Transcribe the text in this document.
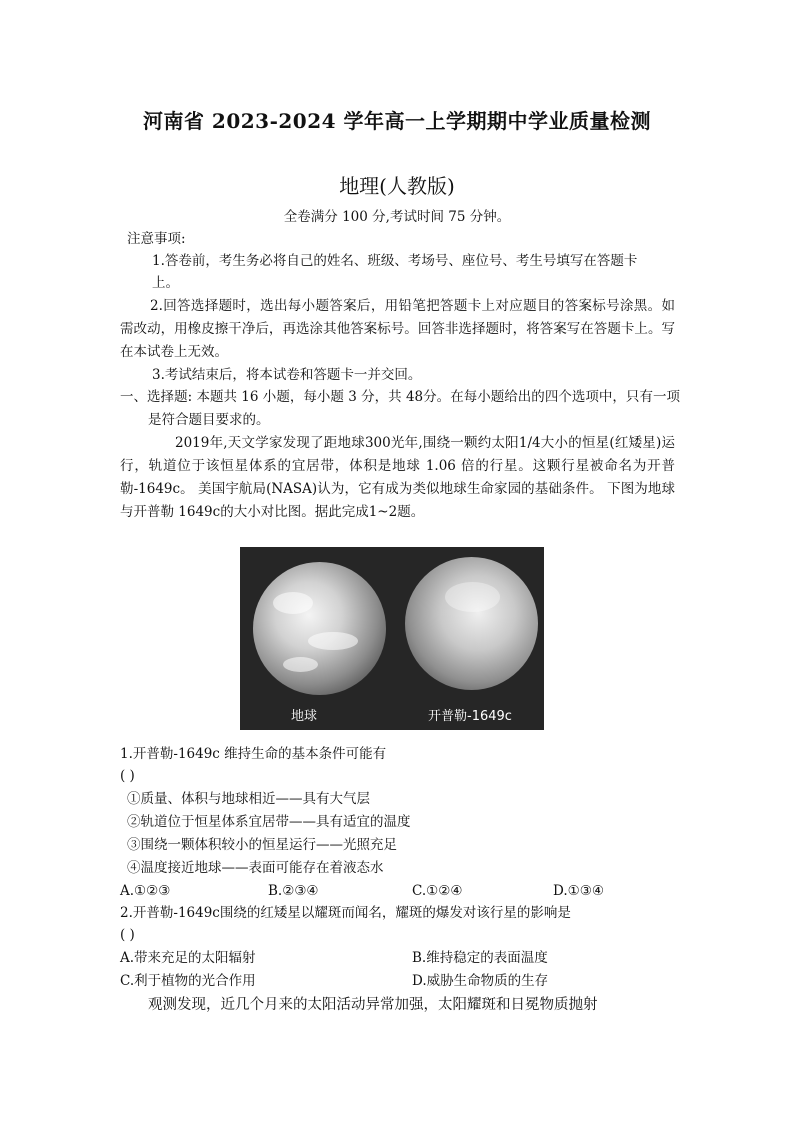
河南省 2023-2024 学年高一上学期期中学业质量检测
地理(人教版)
全卷满分 100 分,考试时间 75 分钟。
注意事项:
1.答卷前，考生务必将自己的姓名、班级、考场号、座位号、考生号填写在答题卡
上。
2.回答选择题时，选出每小题答案后，用铅笔把答题卡上对应题目的答案标号涂黑。如需改动，用橡皮擦干净后，再选涂其他答案标号。回答非选择题时，将答案写在答题卡上。写在本试卷上无效。
3.考试结束后，将本试卷和答题卡一并交回。
一、选择题: 本题共 16 小题，每小题 3 分，共 48分。在每小题给出的四个选项中，只有一项是符合题目要求的。
2019年,天文学家发现了距地球300光年,围绕一颗约太阳1/4大小的恒星(红矮星)运行，轨道位于该恒星体系的宜居带，体积是地球 1.06 倍的行星。这颗行星被命名为开普勒-1649c。 美国宇航局(NASA)认为，它有成为类似地球生命家园的基础条件。 下图为地球与开普勒 1649c的大小对比图。据此完成1~2题。
地球	开普勒-1649c
1.开普勒-1649c 维持生命的基本条件可能有
( )
①质量、体积与地球相近——具有大气层
②轨道位于恒星体系宜居带——具有适宜的温度
③围绕一颗体积较小的恒星运行——光照充足
④温度接近地球——表面可能存在着液态水
A.①②③	B.②③④	C.①②④	D.①③④
2.开普勒-1649c围绕的红矮星以耀斑而闻名，耀斑的爆发对该行星的影响是
( )
A.带来充足的太阳辐射	B.维持稳定的表面温度
C.利于植物的光合作用	D.威胁生命物质的生存
观测发现，近几个月来的太阳活动异常加强，太阳耀斑和日冕物质抛射
